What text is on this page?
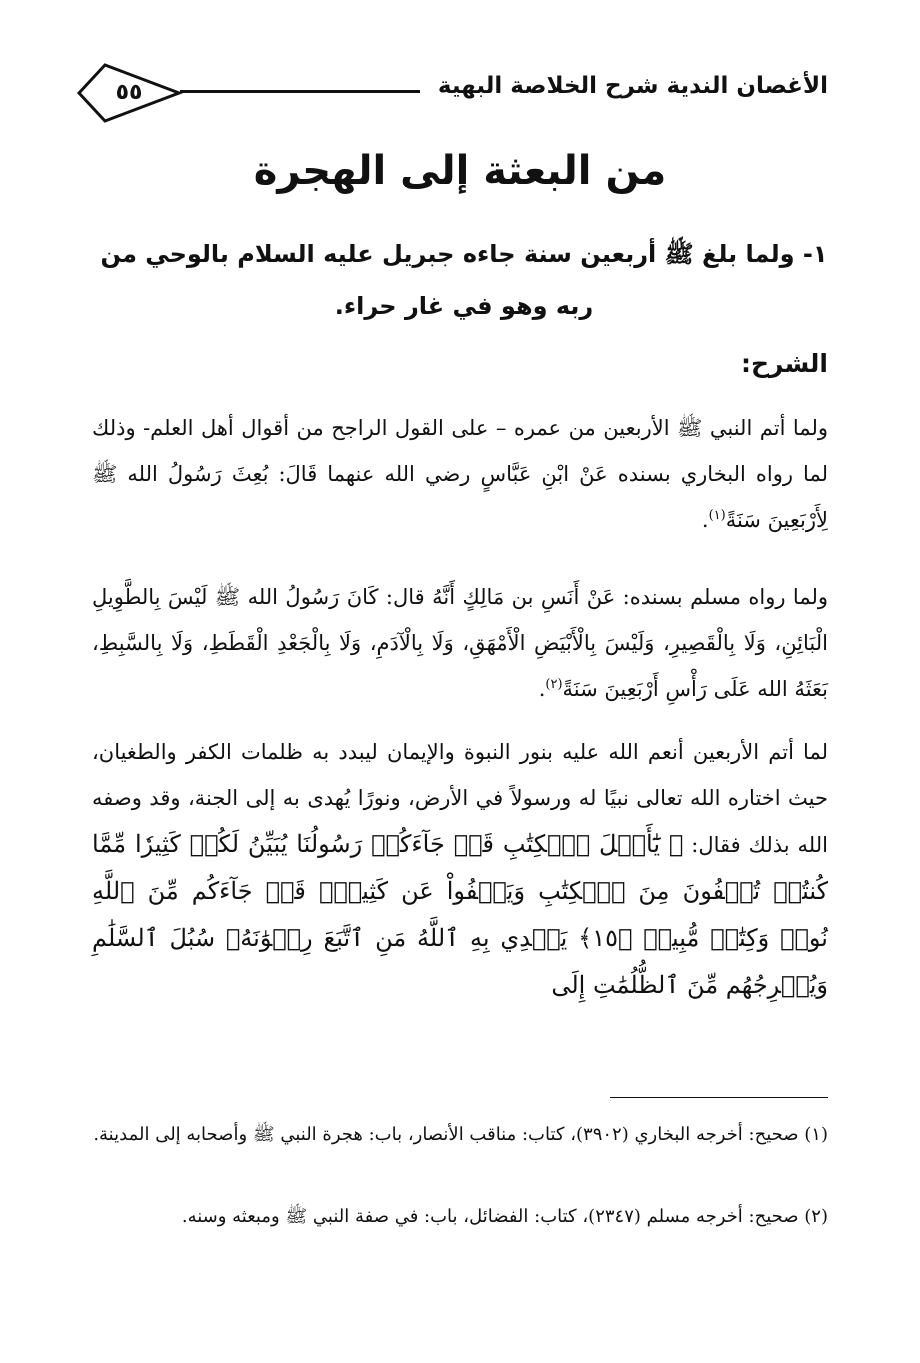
الأغصان الندية شرح الخلاصة البهية
٥٥
من البعثة إلى الهجرة
١- ولما بلغ ﷺ أربعين سنة جاءه جبريل عليه السلام بالوحي من ربه وهو في غار حراء.
الشرح:

ولما أتم النبي ﷺ الأربعين من عمره – على القول الراجح من أقوال أهل العلم- وذلك لما رواه البخاري بسنده عَنْ ابْنِ عَبَّاسٍ رضي الله عنهما قَالَ: بُعِثَ رَسُولُ الله ﷺ لِأَرْبَعِينَ سَنَةً$^{(١)}$.

ولما رواه مسلم بسنده: عَنْ أَنَسِ بن مَالِكٍ أَنَّهُ قال: كَانَ رَسُولُ الله ﷺ لَيْسَ بِالطَّوِيلِ الْبَائِنِ، وَلَا بِالْقَصِيرِ، وَلَيْسَ بِالْأَبْيَضِ الْأَمْهَقِ، وَلَا بِالْآدَمِ، وَلَا بِالْجَعْدِ الْقَطَطِ، وَلَا بِالسَّبِطِ، بَعَثَهُ الله عَلَى رَأْسِ أَرْبَعِينَ سَنَةً$^{(٢)}$.

لما أتم الأربعين أنعم الله عليه بنور النبوة والإيمان ليبدد به ظلمات الكفر والطغيان، حيث اختاره الله تعالى نبيًا له ورسولاً في الأرض، ونورًا يُهدى به إلى الجنة، وقد وصفه الله بذلك فقال: ﴿ يَٰٓأَهۡلَ ٱلۡكِتَٰبِ قَدۡ جَآءَكُمۡ رَسُولُنَا يُبَيِّنُ لَكُمۡ كَثِيرٗا مِّمَّا كُنتُمۡ تُخۡفُونَ مِنَ ٱلۡكِتَٰبِ وَيَعۡفُواْ عَن كَثِيرٖۚ قَدۡ جَآءَكُم مِّنَ ٱللَّهِ نُورٞ وَكِتَٰبٞ مُّبِينٞ ﴿١٥﴾ يَهۡدِي بِهِ ٱللَّهُ مَنِ ٱتَّبَعَ رِضۡوَٰنَهُۥ سُبُلَ ٱلسَّلَٰمِ وَيُخۡرِجُهُم مِّنَ ٱلظُّلُمَٰتِ إِلَى

(١) صحيح: أخرجه البخاري (٣٩٠٢)، كتاب: مناقب الأنصار، باب: هجرة النبي ﷺ وأصحابه إلى المدينة.

(٢) صحيح: أخرجه مسلم (٢٣٤٧)، كتاب: الفضائل، باب: في صفة النبي ﷺ ومبعثه وسنه.
